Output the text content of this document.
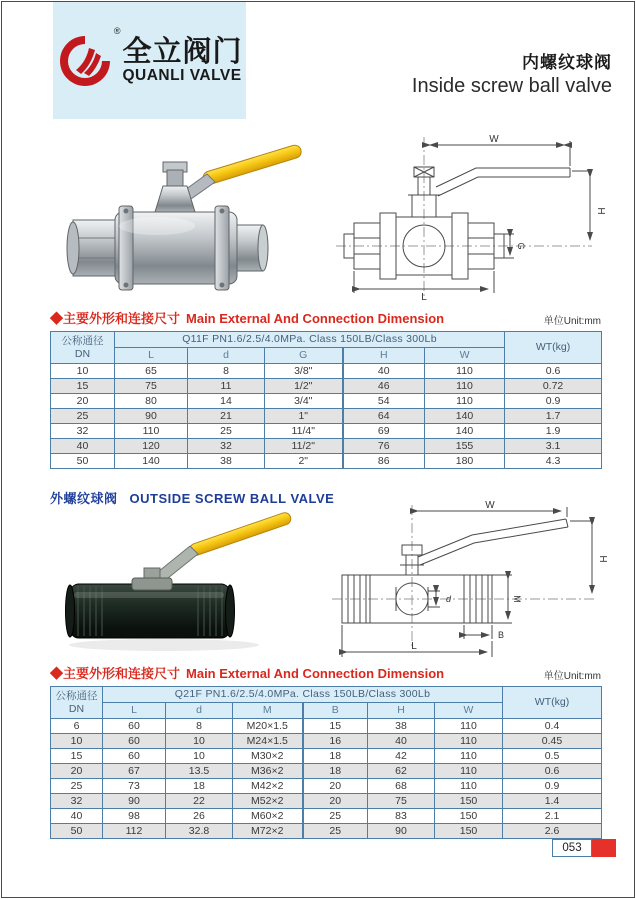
®
全立阀门
QUANLI VALVE
内螺纹球阀
Inside screw ball valve
W
H
G
L
◆主要外形和连接尺寸 Main External And Connection Dimension	单位Unit:mm
公称通径
DN	Q11F PN1.6/2.5/4.0MPa. Class 150LB/Class 300Lb					WT(kg)
	L	d	G	H	W	
10	65	8	3/8"	40	110	0.6
15	75	11	1/2"	46	110	0.72
20	80	14	3/4"	54	110	0.9
25	90	21	1"	64	140	1.7
32	110	25	11/4"	69	140	1.9
40	120	32	11/2"	76	155	3.1
50	140	38	2"	86	180	4.3
外螺纹球阀 OUTSIDE SCREW BALL VALVE	W
H
M
d
B
L
◆主要外形和连接尺寸 Main External And Connection Dimension	单位Unit:mm
公称通径
DN	Q21F PN1.6/2.5/4.0MPa. Class 150LB/Class 300Lb						WT(kg)
	L	d	M	B	H	W	
6	60	8	M20×1.5	15	38	110	0.4
10	60	10	M24×1.5	16	40	110	0.45
15	60	10	M30×2	18	42	110	0.5
20	67	13.5	M36×2	18	62	110	0.6
25	73	18	M42×2	20	68	110	0.9
32	90	22	M52×2	20	75	150	1.4
40	98	26	M60×2	25	83	150	2.1
50	112	32.8	M72×2	25	90	150	2.6
053
